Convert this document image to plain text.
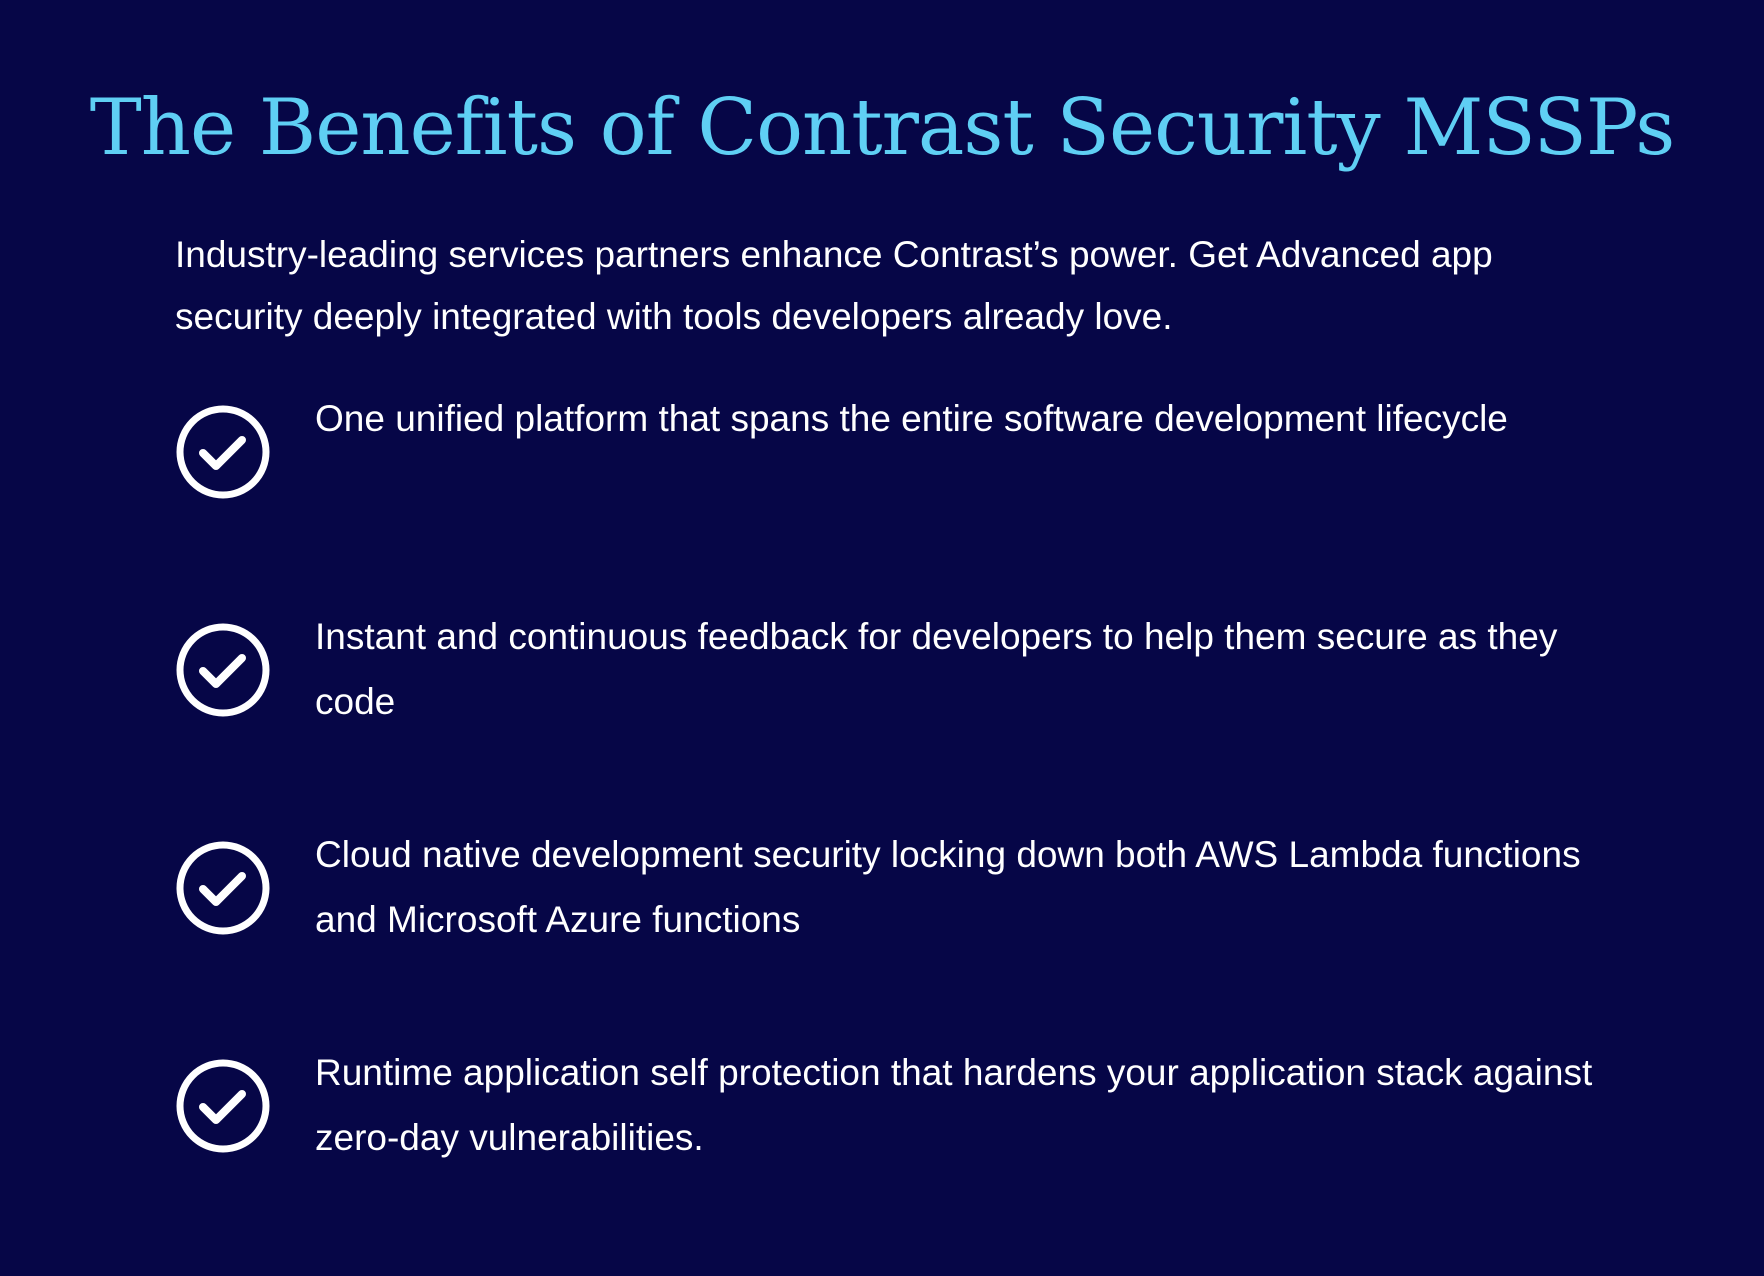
The Benefits of Contrast Security MSSPs

Industry-leading services partners enhance Contrast’s power. Get Advanced app security deeply integrated with tools developers already love.

One unified platform that spans the entire software development lifecycle
Instant and continuous feedback for developers to help them secure as they code
Cloud native development security locking down both AWS Lambda functions and Microsoft Azure functions
Runtime application self protection that hardens your application stack against zero-day vulnerabilities.
